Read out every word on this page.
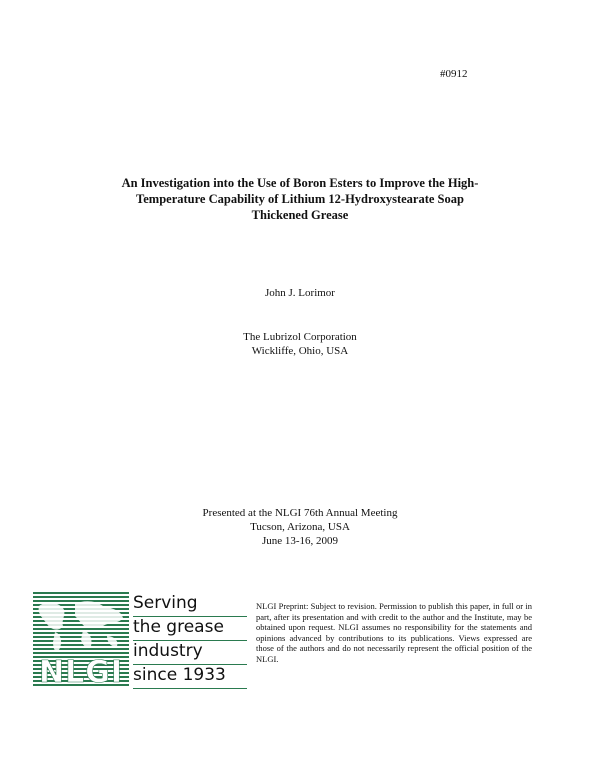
#0912
An Investigation into the Use of Boron Esters to Improve the High-
Temperature Capability of Lithium 12-Hydroxystearate Soap
Thickened Grease
John J. Lorimor
The Lubrizol Corporation
Wickliffe, Ohio, USA
Presented at the NLGI 76th Annual Meeting
Tucson, Arizona, USA
June 13-16, 2009
NLGI
Serving
the grease
industry
since 1933
NLGI Preprint: Subject to revision. Permission to publish this paper, in full or in part, after its presentation and with credit to the author and the Institute, may be obtained upon request. NLGI assumes no responsibility for the statements and opinions advanced by contributions to its publications. Views expressed are those of the authors and do not necessarily represent the official position of the NLGI.
